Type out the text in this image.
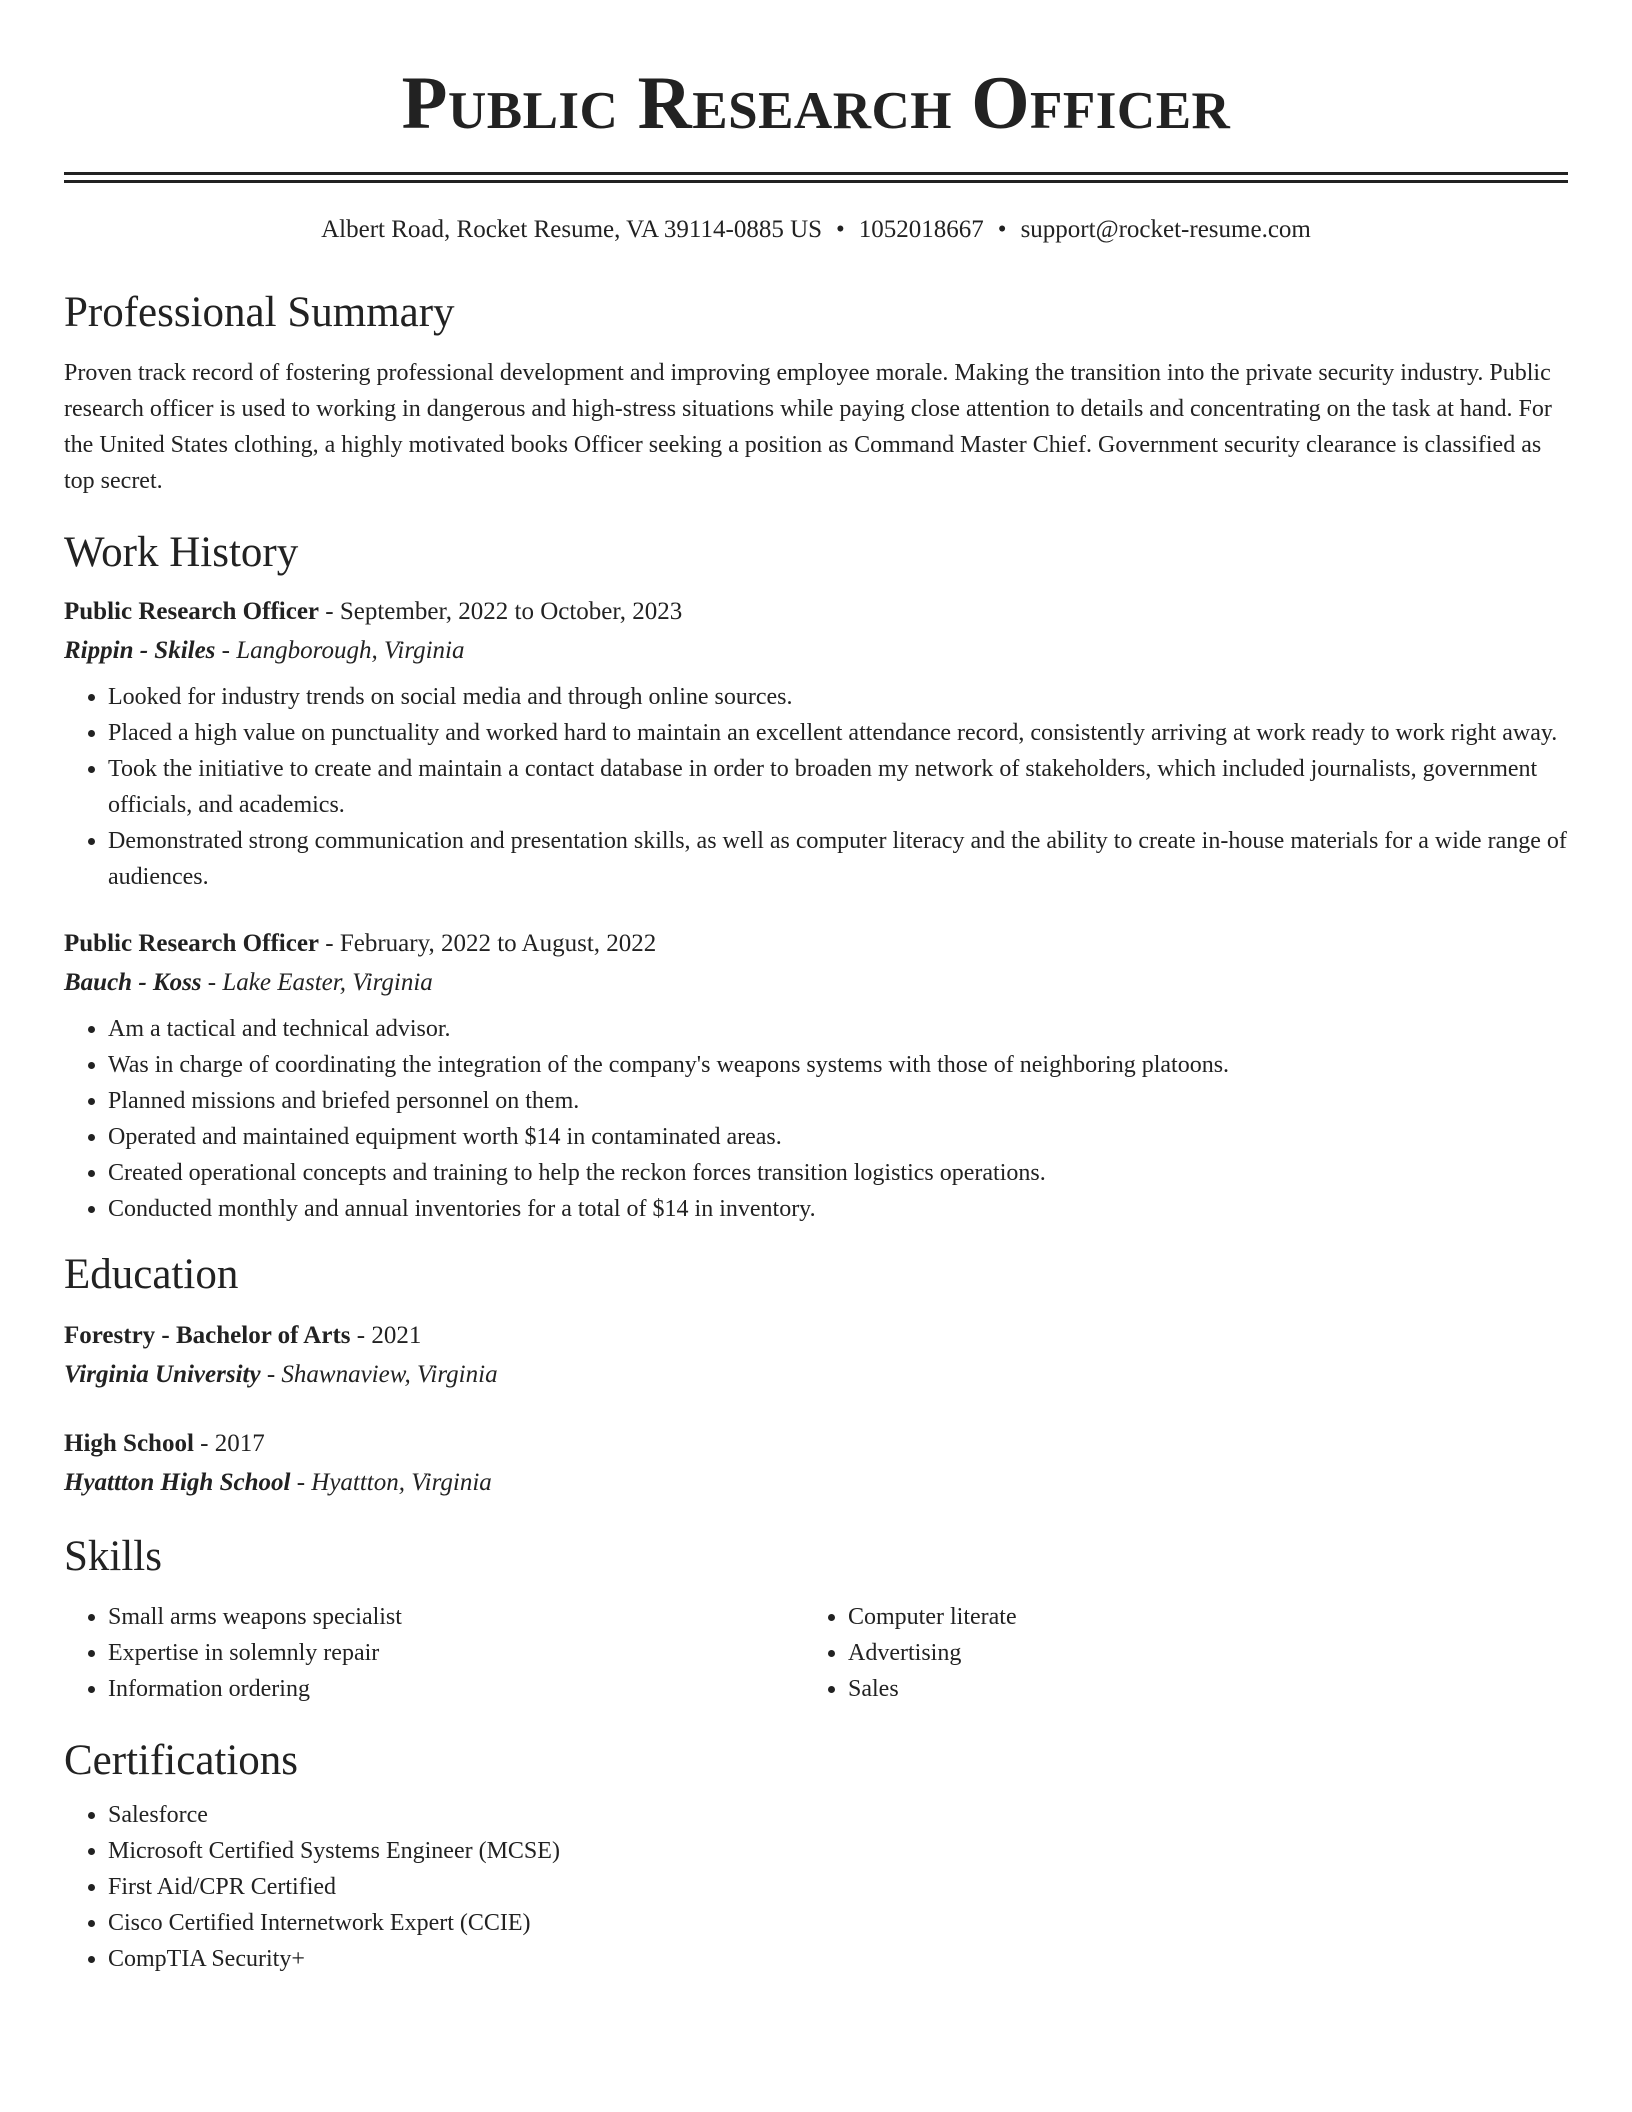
Public Research Officer
Albert Road, Rocket Resume, VA 39114-0885 US • 1052018667 • support@rocket-resume.com
Professional Summary

Proven track record of fostering professional development and improving employee morale. Making the transition into the private security industry. Public research officer is used to working in dangerous and high-stress situations while paying close attention to details and concentrating on the task at hand. For the United States clothing, a highly motivated books Officer seeking a position as Command Master Chief. Government security clearance is classified as top secret.

Work History
Public Research Officer - September, 2022 to October, 2023
Rippin - Skiles - Langborough, Virginia
• Looked for industry trends on social media and through online sources.
• Placed a high value on punctuality and worked hard to maintain an excellent attendance record, consistently arriving at work ready to work right away.
• Took the initiative to create and maintain a contact database in order to broaden my network of stakeholders, which included journalists, government officials, and academics.
• Demonstrated strong communication and presentation skills, as well as computer literacy and the ability to create in-house materials for a wide range of audiences.
Public Research Officer - February, 2022 to August, 2022
Bauch - Koss - Lake Easter, Virginia
• Am a tactical and technical advisor.
• Was in charge of coordinating the integration of the company's weapons systems with those of neighboring platoons.
• Planned missions and briefed personnel on them.
• Operated and maintained equipment worth $14 in contaminated areas.
• Created operational concepts and training to help the reckon forces transition logistics operations.
• Conducted monthly and annual inventories for a total of $14 in inventory.
Education
Forestry - Bachelor of Arts - 2021
Virginia University - Shawnaview, Virginia
High School - 2017
Hyattton High School - Hyattton, Virginia
Skills
• Small arms weapons specialist
• Expertise in solemnly repair
• Information ordering
• Computer literate
• Advertising
• Sales
Certifications
• Salesforce
• Microsoft Certified Systems Engineer (MCSE)
• First Aid/CPR Certified
• Cisco Certified Internetwork Expert (CCIE)
• CompTIA Security+
